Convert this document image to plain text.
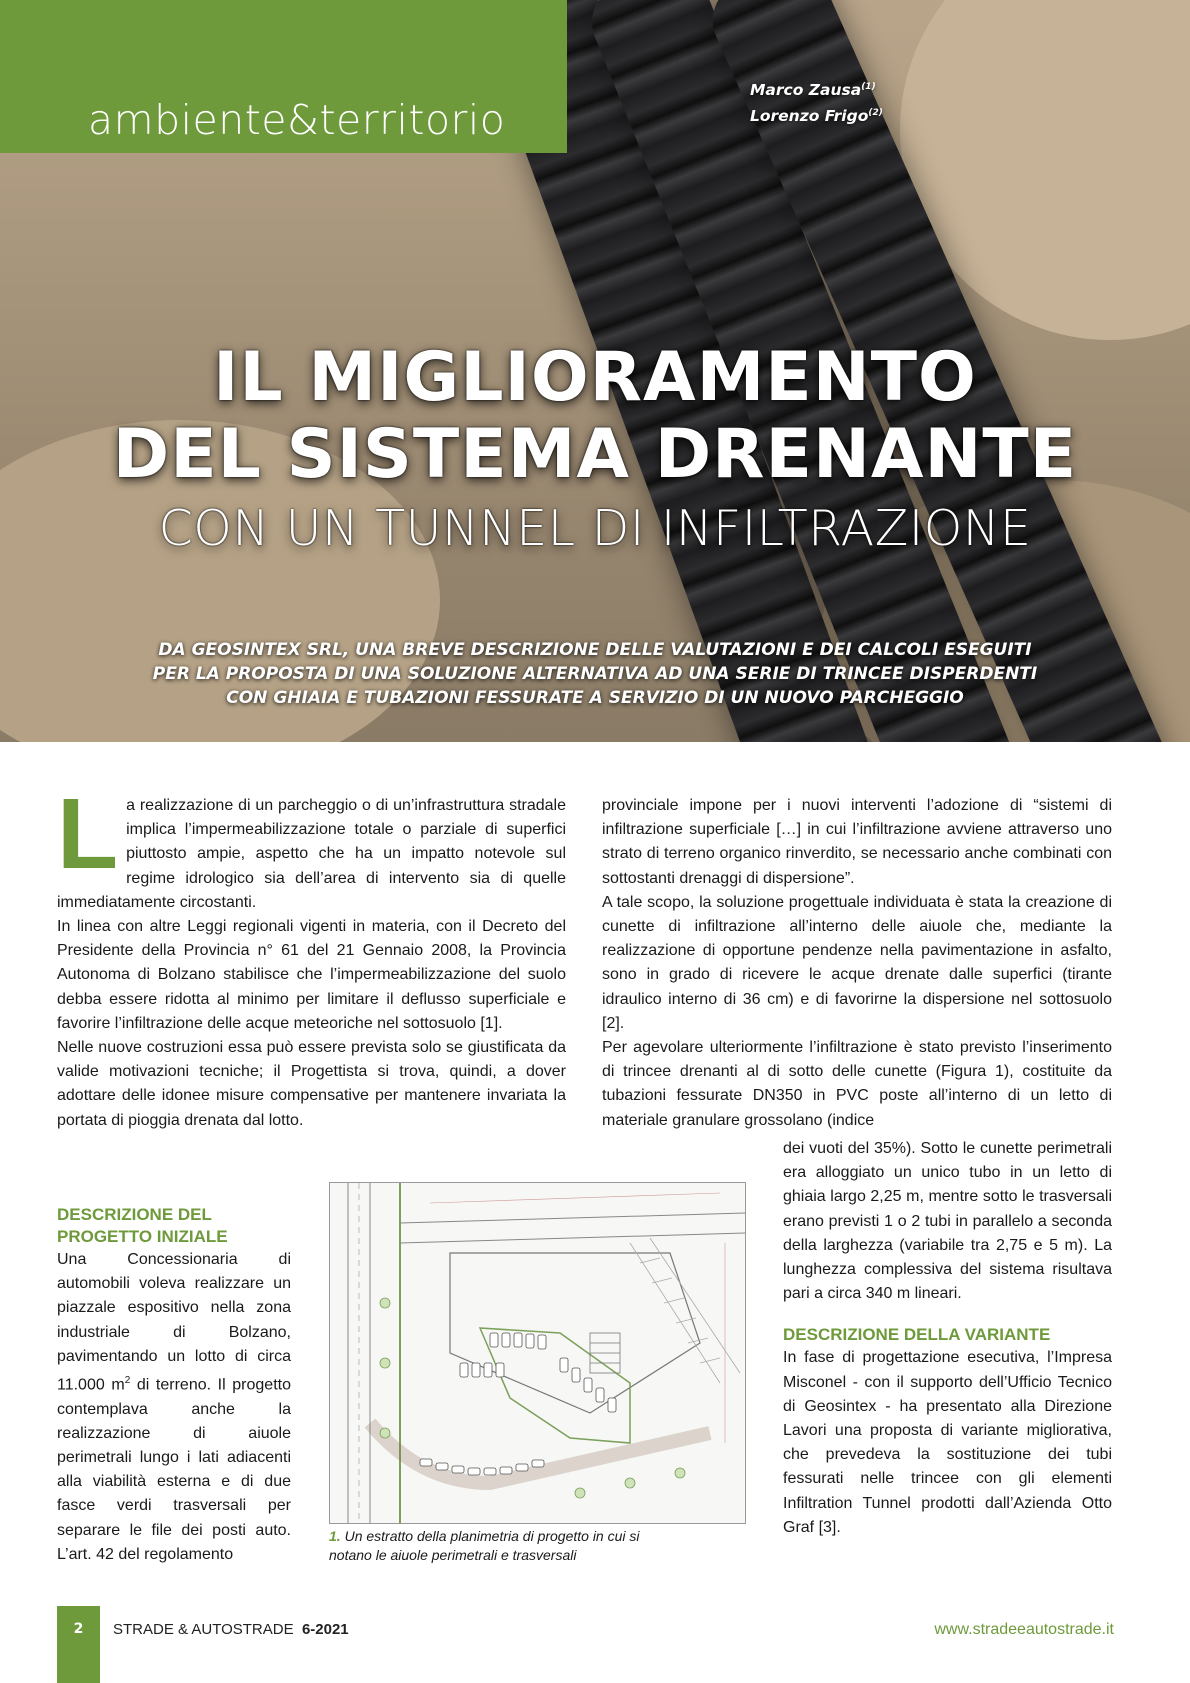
ambiente&territorio
Marco Zausa$^{(1)}$
Lorenzo Frigo$^{(2)}$
IL MIGLIORAMENTO
DEL SISTEMA DRENANTE
CON UN TUNNEL DI INFILTRAZIONE
DA GEOSINTEX SRL, UNA BREVE DESCRIZIONE DELLE VALUTAZIONI E DEI CALCOLI ESEGUITI
PER LA PROPOSTA DI UNA SOLUZIONE ALTERNATIVA AD UNA SERIE DI TRINCEE DISPERDENTI
CON GHIAIA E TUBAZIONI FESSURATE A SERVIZIO DI UN NUOVO PARCHEGGIO
L a realizzazione di un parcheggio o di un’infrastruttura stradale implica l’impermeabilizzazione totale o parziale di superfici piuttosto ampie, aspetto che ha un impatto notevole sul regime idrologico sia dell’area di intervento sia di quelle immediatamente circostanti.

In linea con altre Leggi regionali vigenti in materia, con il Decreto del Presidente della Provincia n° 61 del 21 Gennaio 2008, la Provincia Autonoma di Bolzano stabilisce che l’impermeabilizzazione del suolo debba essere ridotta al minimo per limitare il deflusso superficiale e favorire l’infiltrazione delle acque meteoriche nel sottosuolo [1].

Nelle nuove costruzioni essa può essere prevista solo se giustificata da valide motivazioni tecniche; il Progettista si trova, quindi, a dover adottare delle idonee misure compensative per mantenere invariata la portata di pioggia drenata dal lotto.

DESCRIZIONE DEL
PROGETTO INIZIALE

Una Concessionaria di automobili voleva realizzare un piazzale espositivo nella zona industriale di Bolzano, pavimentando un lotto di circa 11.000 $m^2$ di terreno. Il progetto contemplava anche la realizzazione di aiuole perimetrali lungo i lati adiacenti alla viabilità esterna e di due fasce verdi trasversali per separare le file dei posti auto. L’art. 42 del regolamento

provinciale impone per i nuovi interventi l’adozione di “sistemi di infiltrazione superficiale […] in cui l’infiltrazione avviene attraverso uno strato di terreno organico rinverdito, se necessario anche combinati con sottostanti drenaggi di dispersione”.

A tale scopo, la soluzione progettuale individuata è stata la creazione di cunette di infiltrazione all’interno delle aiuole che, mediante la realizzazione di opportune pendenze nella pavimentazione in asfalto, sono in grado di ricevere le acque drenate dalle superfici (tirante idraulico interno di 36 cm) e di favorirne la dispersione nel sottosuolo [2].

Per agevolare ulteriormente l’infiltrazione è stato previsto l’inserimento di trincee drenanti al di sotto delle cunette (Figura 1), costituite da tubazioni fessurate DN350 in PVC poste all’interno di un letto di materiale granulare grossolano (indice

dei vuoti del 35%). Sotto le cunette perimetrali era alloggiato un unico tubo in un letto di ghiaia largo 2,25 m, mentre sotto le trasversali erano previsti 1 o 2 tubi in parallelo a seconda della larghezza (variabile tra 2,75 e 5 m). La lunghezza complessiva del sistema risultava pari a circa 340 m lineari.

DESCRIZIONE DELLA VARIANTE

In fase di progettazione esecutiva, l’Impresa Misconel - con il supporto dell’Ufficio Tecnico di Geosintex - ha presentato alla Direzione Lavori una proposta di variante migliorativa, che prevedeva la sostituzione dei tubi fessurati nelle trincee con gli elementi Infiltration Tunnel prodotti dall’Azienda Otto Graf [3].

1. Un estratto della planimetria di progetto in cui si
notano le aiuole perimetrali e trasversali
2	STRADE & AUTOSTRADE 6-2021	www.stradeeautostrade.it
